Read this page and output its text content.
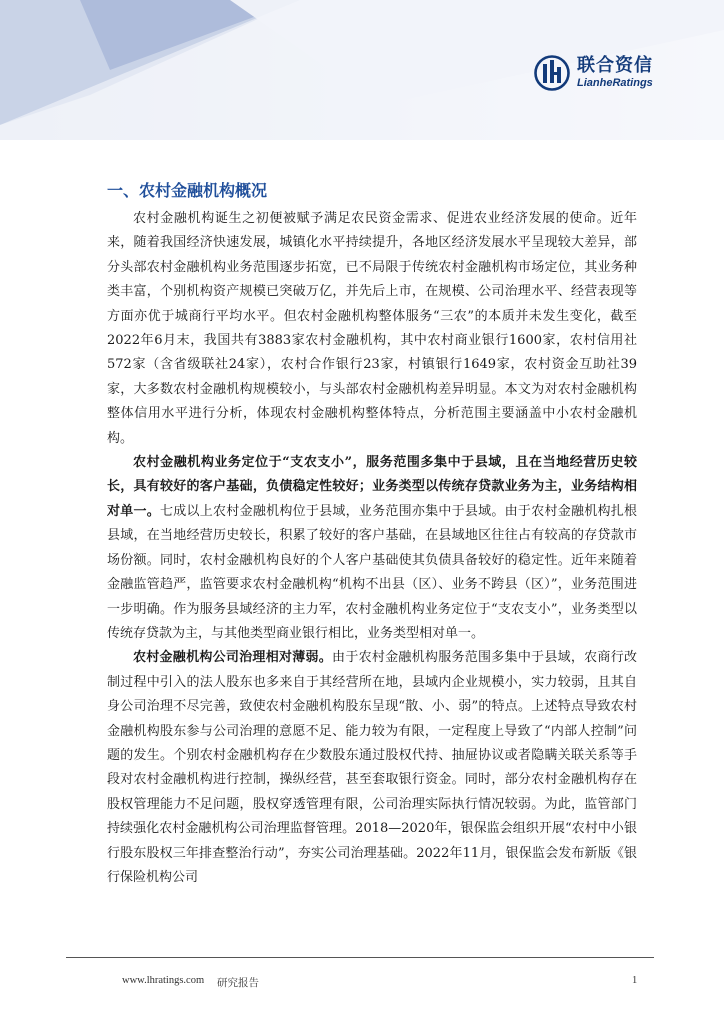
联合资信
LianheRatings
一、农村金融机构概况

农村金融机构诞生之初便被赋予满足农民资金需求、促进农业经济发展的使命。近年来，随着我国经济快速发展，城镇化水平持续提升，各地区经济发展水平呈现较大差异，部分头部农村金融机构业务范围逐步拓宽，已不局限于传统农村金融机构市场定位，其业务种类丰富，个别机构资产规模已突破万亿，并先后上市，在规模、公司治理水平、经营表现等方面亦优于城商行平均水平。但农村金融机构整体服务“三农”的本质并未发生变化，截至2022年6月末，我国共有3883家农村金融机构，其中农村商业银行1600家，农村信用社572家（含省级联社24家），农村合作银行23家，村镇银行1649家，农村资金互助社39家，大多数农村金融机构规模较小，与头部农村金融机构差异明显。本文为对农村金融机构整体信用水平进行分析，体现农村金融机构整体特点，分析范围主要涵盖中小农村金融机构。

农村金融机构业务定位于“支农支小”，服务范围多集中于县域，且在当地经营历史较长，具有较好的客户基础，负债稳定性较好；业务类型以传统存贷款业务为主，业务结构相对单一。七成以上农村金融机构位于县域，业务范围亦集中于县域。由于农村金融机构扎根县域，在当地经营历史较长，积累了较好的客户基础，在县域地区往往占有较高的存贷款市场份额。同时，农村金融机构良好的个人客户基础使其负债具备较好的稳定性。近年来随着金融监管趋严，监管要求农村金融机构“机构不出县（区）、业务不跨县（区）”，业务范围进一步明确。作为服务县域经济的主力军，农村金融机构业务定位于“支农支小”，业务类型以传统存贷款为主，与其他类型商业银行相比，业务类型相对单一。

农村金融机构公司治理相对薄弱。由于农村金融机构服务范围多集中于县域，农商行改制过程中引入的法人股东也多来自于其经营所在地，县域内企业规模小，实力较弱，且其自身公司治理不尽完善，致使农村金融机构股东呈现“散、小、弱”的特点。上述特点导致农村金融机构股东参与公司治理的意愿不足、能力较为有限，一定程度上导致了“内部人控制”问题的发生。个别农村金融机构存在少数股东通过股权代持、抽屉协议或者隐瞒关联关系等手段对农村金融机构进行控制，操纵经营，甚至套取银行资金。同时，部分农村金融机构存在股权管理能力不足问题，股权穿透管理有限，公司治理实际执行情况较弱。为此，监管部门持续强化农村金融机构公司治理监督管理。2018—2020年，银保监会组织开展“农村中小银行股东股权三年排查整治行动”，夯实公司治理基础。2022年11月，银保监会发布新版《银行保险机构公司

www.lhratings.com 研究报告	1
